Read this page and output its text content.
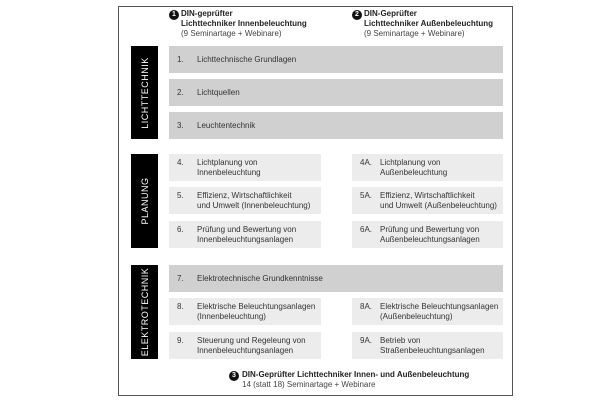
1 DIN-geprüfter
Lichttechniker Innenbeleuchtung
(9 Seminartage + Webinare)
2 DIN-Geprüfter
Lichttechniker Außenbeleuchtung
(9 Seminartage + Webinare)
LICHTTECHNIK
PLANUNG
ELEKTROTECHNIK
1. Lichttechnische Grundlagen
2. Lichtquellen
3. Leuchtentechnik
4. Lichtplanung von
Innenbeleuchtung
5. Effizienz, Wirtschaftlichkeit
und Umwelt (Innenbeleuchtung)
6. Prüfung und Bewertung von
Innenbeleuchtungsanlagen
4A. Lichtplanung von
Außenbeleuchtung
5A. Effizienz, Wirtschaftlichkeit
und Umwelt (Außenbeleuchtung)
6A. Prüfung und Bewertung von
Außenbeleuchtungsanlagen
7. Elektrotechnische Grundkenntnisse
8. Elektrische Beleuchtungsanlagen
(Innenbeleuchtung)
9. Steuerung und Regeleung von
Innenbeleuchtungsanlagen
8A. Elektrische Beleuchtungsanlagen
(Außenbeleuchtung)
9A. Betrieb von
Straßenbeleuchtungsanlagen
3 DIN-Geprüfter Lichttechniker Innen- und Außenbeleuchtung
14 (statt 18) Seminartage + Webinare
